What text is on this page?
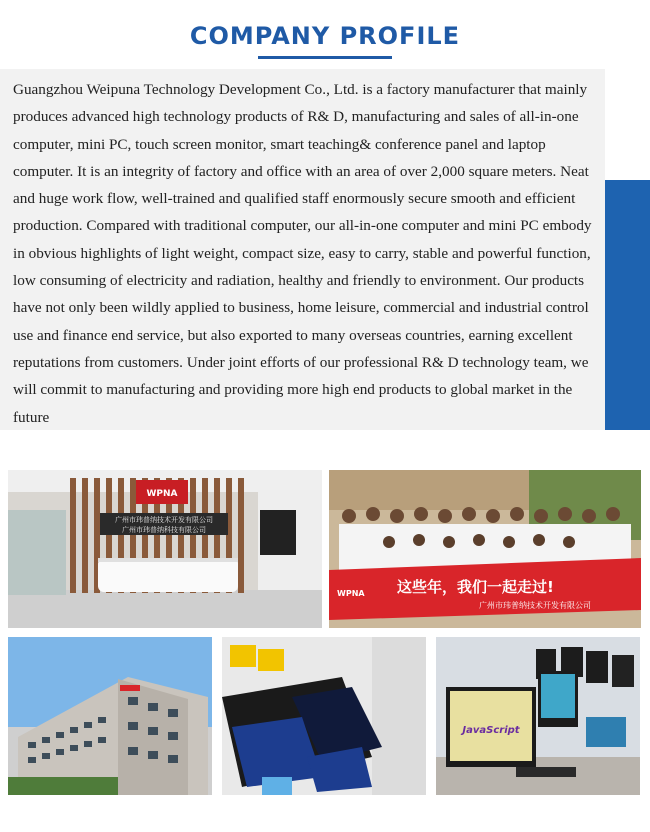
COMPANY PROFILE

Guangzhou Weipuna Technology Development Co., Ltd. is a factory manufacturer that mainly produces advanced high technology products of R& D, manufacturing and sales of all-in-one computer, mini PC, touch screen monitor, smart teaching& conference panel and laptop computer. It is an integrity of factory and office with an area of over 2,000 square meters. Neat and huge work flow, well-trained and qualified staff enormously secure smooth and efficient production. Compared with traditional computer, our all-in-one computer and mini PC embody in obvious highlights of light weight, compact size, easy to carry, stable and powerful function, low consuming of electricity and radiation, healthy and friendly to environment. Our products have not only been wildly applied to business, home leisure, commercial and industrial control use and finance end service, but also exported to many overseas countries, earning excellent reputations from customers. Under joint efforts of our professional R& D technology team, we will commit to manufacturing and providing more high end products to global market in the future

WPNA
广州市玮普纳技术开发有限公司
广州市玮普纳科技有限公司
WPNA 这些年，我们一起走过!
广州市玮普纳技术开发有限公司
JavaScript
